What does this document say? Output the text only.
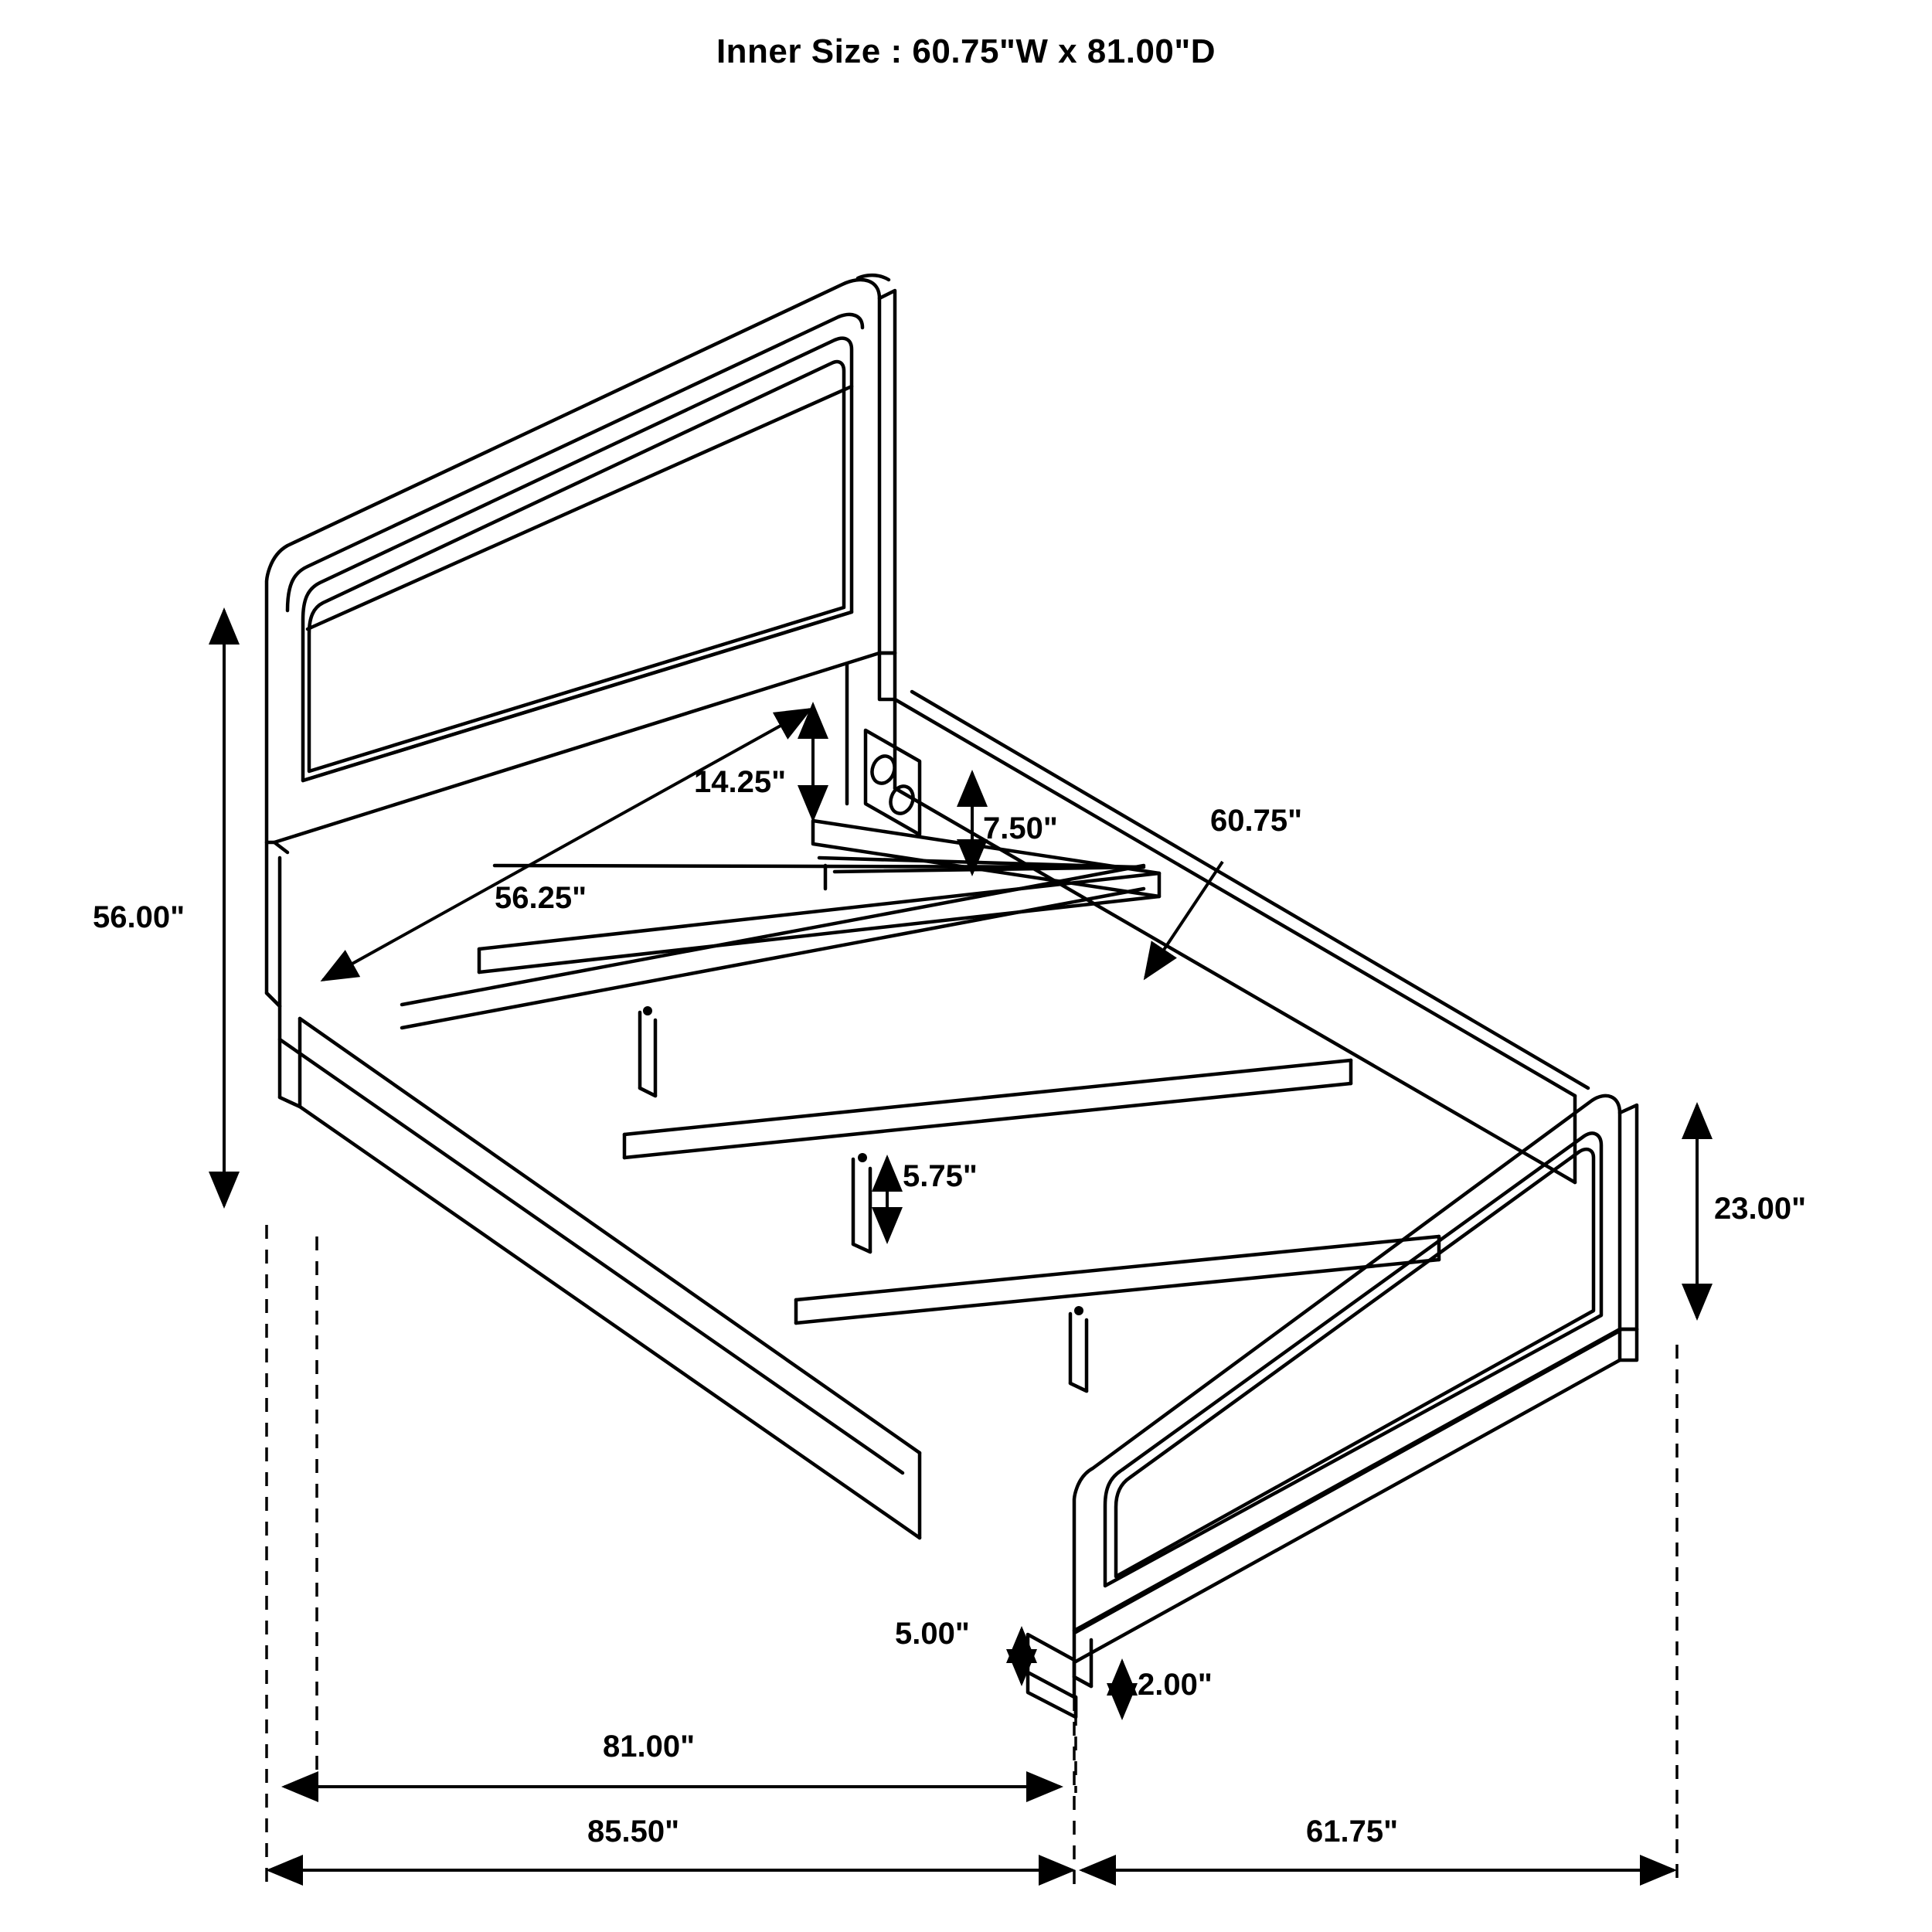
Inner Size : 60.75"W x 81.00"D
56.00"
14.25"
56.25"
7.50"	60.75"
5.75"
23.00"
5.00"
2.00"
81.00"
85.50"	61.75"
